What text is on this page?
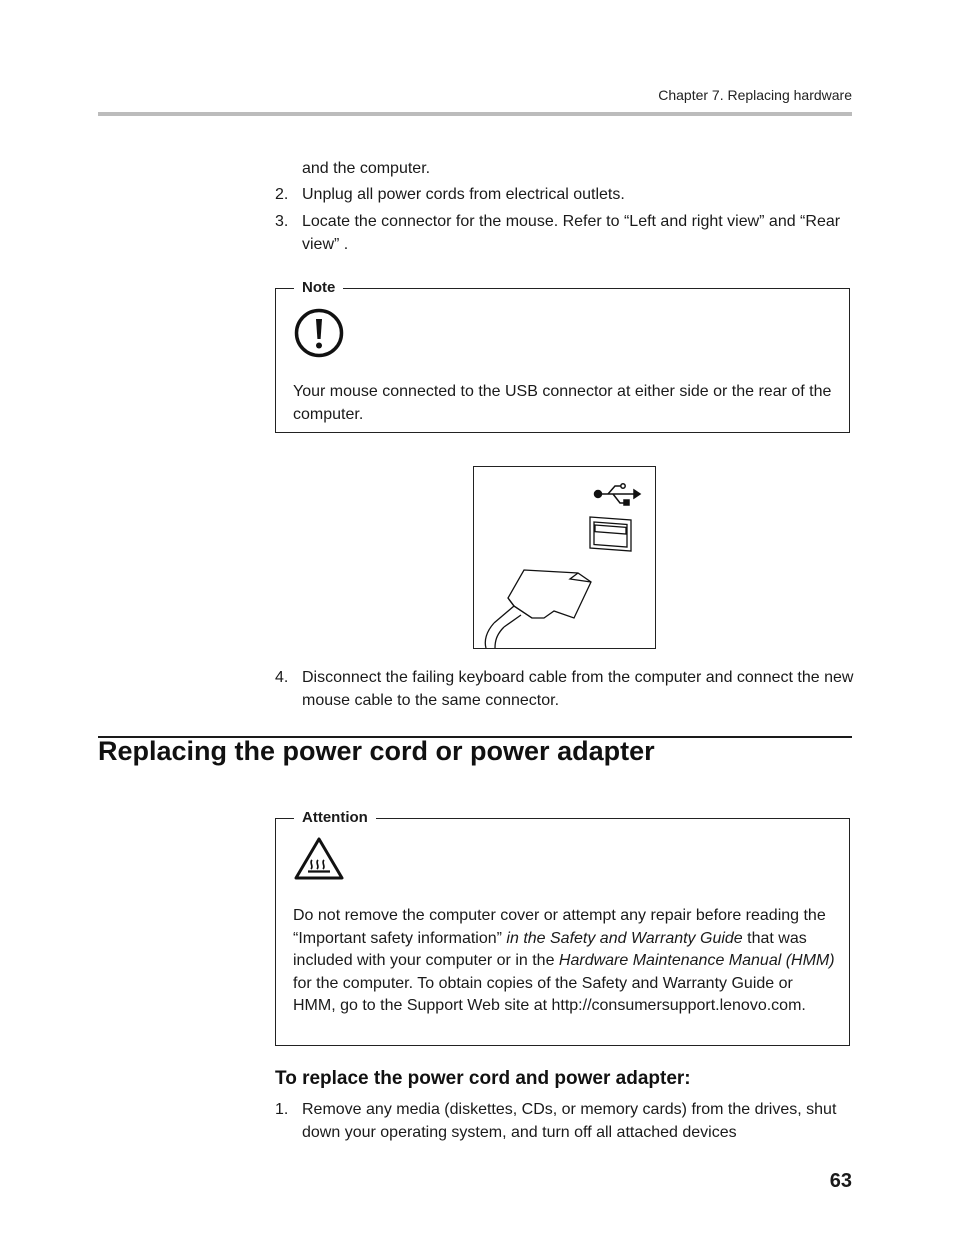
Chapter 7. Replacing hardware
and the computer.
2. Unplug all power cords from electrical outlets.
3. Locate the connector for the mouse. Refer to “Left and right view” and “Rear view” .
Note
Your mouse connected to the USB connector at either side or the rear of the computer.
4. Disconnect the failing keyboard cable from the computer and connect the new mouse cable to the same connector.
Replacing the power cord or power adapter
Attention
Do not remove the computer cover or attempt any repair before reading the “Important safety information” in the Safety and Warranty Guide that was included with your computer or in the Hardware Maintenance Manual (HMM) for the computer. To obtain copies of the Safety and Warranty Guide or HMM, go to the Support Web site at http://consumersupport.lenovo.com.
To replace the power cord and power adapter:
1. Remove any media (diskettes, CDs, or memory cards) from the drives, shut down your operating system, and turn off all attached devices
63
